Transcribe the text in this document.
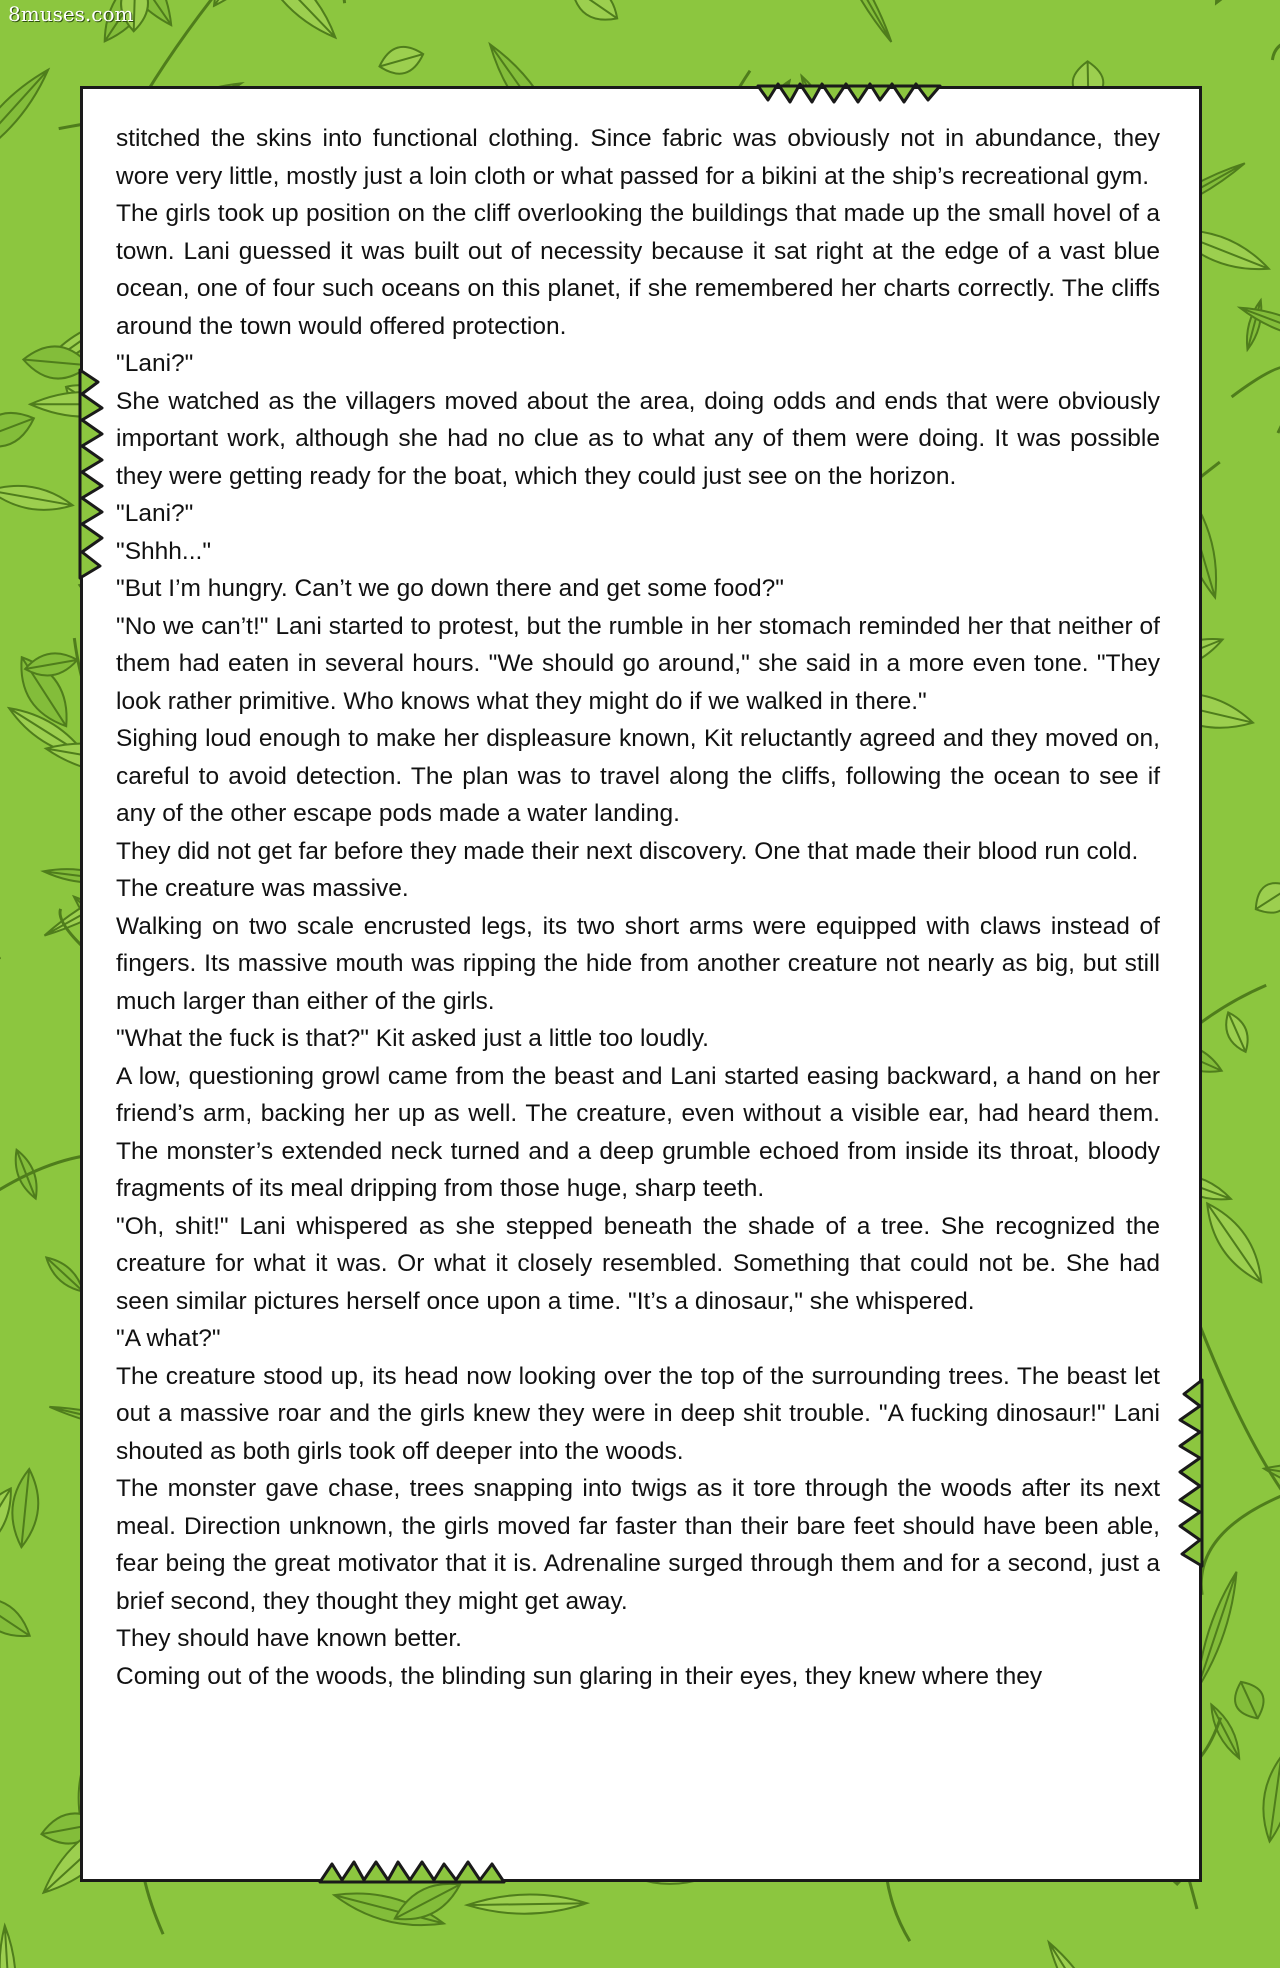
8muses.com

stitched the skins into functional clothing. Since fabric was obviously not in abundance, they wore very little, mostly just a loin cloth or what passed for a bikini at the ship’s recreational gym.

The girls took up position on the cliff overlooking the buildings that made up the small hovel of a town. Lani guessed it was built out of necessity because it sat right at the edge of a vast blue ocean, one of four such oceans on this planet, if she remembered her charts correctly. The cliffs around the town would offered protection.

"Lani?"

She watched as the villagers moved about the area, doing odds and ends that were obviously important work, although she had no clue as to what any of them were doing. It was possible they were getting ready for the boat, which they could just see on the horizon.

"Lani?"

"Shhh..."

"But I’m hungry. Can’t we go down there and get some food?"

"No we can’t!" Lani started to protest, but the rumble in her stomach reminded her that neither of them had eaten in several hours. "We should go around," she said in a more even tone. "They look rather primitive. Who knows what they might do if we walked in there."

Sighing loud enough to make her displeasure known, Kit reluctantly agreed and they moved on, careful to avoid detection. The plan was to travel along the cliffs, following the ocean to see if any of the other escape pods made a water landing.

They did not get far before they made their next discovery. One that made their blood run cold.

The creature was massive.

Walking on two scale encrusted legs, its two short arms were equipped with claws instead of fingers. Its massive mouth was ripping the hide from another creature not nearly as big, but still much larger than either of the girls.

"What the fuck is that?" Kit asked just a little too loudly.

A low, questioning growl came from the beast and Lani started easing backward, a hand on her friend’s arm, backing her up as well. The creature, even without a visible ear, had heard them. The monster’s extended neck turned and a deep grumble echoed from inside its throat, bloody fragments of its meal dripping from those huge, sharp teeth.

"Oh, shit!" Lani whispered as she stepped beneath the shade of a tree. She recognized the creature for what it was. Or what it closely resembled. Something that could not be. She had seen similar pictures herself once upon a time. "It’s a dinosaur," she whispered.

"A what?"

The creature stood up, its head now looking over the top of the surrounding trees. The beast let out a massive roar and the girls knew they were in deep shit trouble. "A fucking dinosaur!" Lani shouted as both girls took off deeper into the woods.

The monster gave chase, trees snapping into twigs as it tore through the woods after its next meal. Direction unknown, the girls moved far faster than their bare feet should have been able, fear being the great motivator that it is. Adrenaline surged through them and for a second, just a brief second, they thought they might get away.

They should have known better.

Coming out of the woods, the blinding sun glaring in their eyes, they knew where they
